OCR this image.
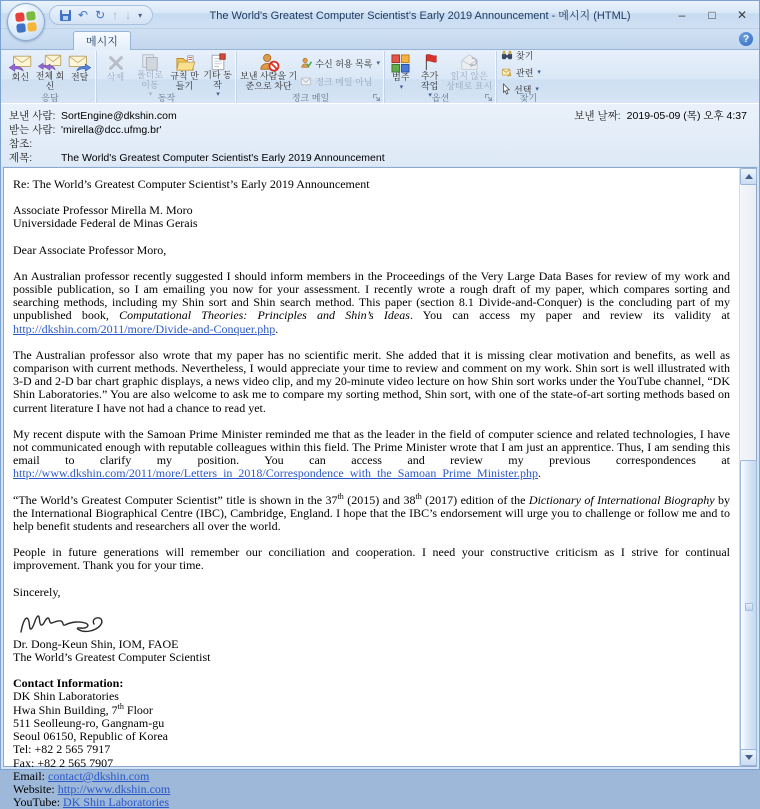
↶ ↻ ↑ ↓ ▾	The World's Greatest Computer Scientist's Early 2019 Announcement - 메시지 (HTML)	–	□ ✕
메시지	?
회신 전체 회신
전달
응답
삭제	폴더로 이동
▾
규칙 만들기
기타 동작
▾
동작
보낸 사람을 기준으로 차단
수신 허용 목록 ▾
정크 메일 아님
정크 메일
범주
▾
추가 작업
▾
읽지 않은 상태로 표시
옵션
찾기
관련 ▾
선택 ▾
찾기
보낸 사람: SortEngine@dkshin.com
받는 사람: 'mirella@dcc.ufmg.br'
참조:
제목:	The World's Greatest Computer Scientist's Early 2019 Announcement
보낸 날짜: 2019-05-09 (목) 오후 4:37

Re: The World’s Greatest Computer Scientist’s Early 2019 Announcement

Associate Professor Mirella M. Moro
Universidade Federal de Minas Gerais

Dear Associate Professor Moro,

An Australian professor recently suggested I should inform members in the Proceedings of the Very Large Data Bases for review of my work and possible publication, so I am emailing you now for your assessment. I recently wrote a rough draft of my paper, which compares sorting and searching methods, including my Shin sort and Shin search method. This paper (section 8.1 Divide-and-Conquer) is the concluding part of my unpublished book, Computational Theories: Principles and Shin’s Ideas. You can access my paper and review its validity at http://dkshin.com/2011/more/Divide-and-Conquer.php.

The Australian professor also wrote that my paper has no scientific merit. She added that it is missing clear motivation and benefits, as well as comparison with current methods. Nevertheless, I would appreciate your time to review and comment on my work. Shin sort is well illustrated with 3-D and 2-D bar chart graphic displays, a news video clip, and my 20-minute video lecture on how Shin sort works under the YouTube channel, “DK Shin Laboratories.” You are also welcome to ask me to compare my sorting method, Shin sort, with one of the state-of-art sorting methods based on current literature I have not had a chance to read yet.

My recent dispute with the Samoan Prime Minister reminded me that as the leader in the field of computer science and related technologies, I have not communicated enough with reputable colleagues within this field. The Prime Minister wrote that I am just an apprentice. Thus, I am sending this email to clarify my position. You can access and review my previous correspondences at http://www.dkshin.com/2011/more/Letters_in_2018/Correspondence_with_the_Samoan_Prime_Minister.php.

“The World’s Greatest Computer Scientist” title is shown in the 37th (2015) and 38th (2017) edition of the Dictionary of International Biography by the International Biographical Centre (IBC), Cambridge, England. I hope that the IBC’s endorsement will urge you to challenge or follow me and to help benefit students and researchers all over the world.

People in future generations will remember our conciliation and cooperation. I need your constructive criticism as I strive for continual improvement. Thank you for your time.

Sincerely,

Dr. Dong-Keun Shin, IOM, FAOE
The World’s Greatest Computer Scientist

Contact Information:
DK Shin Laboratories
Hwa Shin Building, 7th Floor
511 Seolleung-ro, Gangnam-gu
Seoul 06150, Republic of Korea
Tel: +82 2 565 7917
Fax: +82 2 565 7907
Email: contact@dkshin.com
Website: http://www.dkshin.com
YouTube: DK Shin Laboratories
